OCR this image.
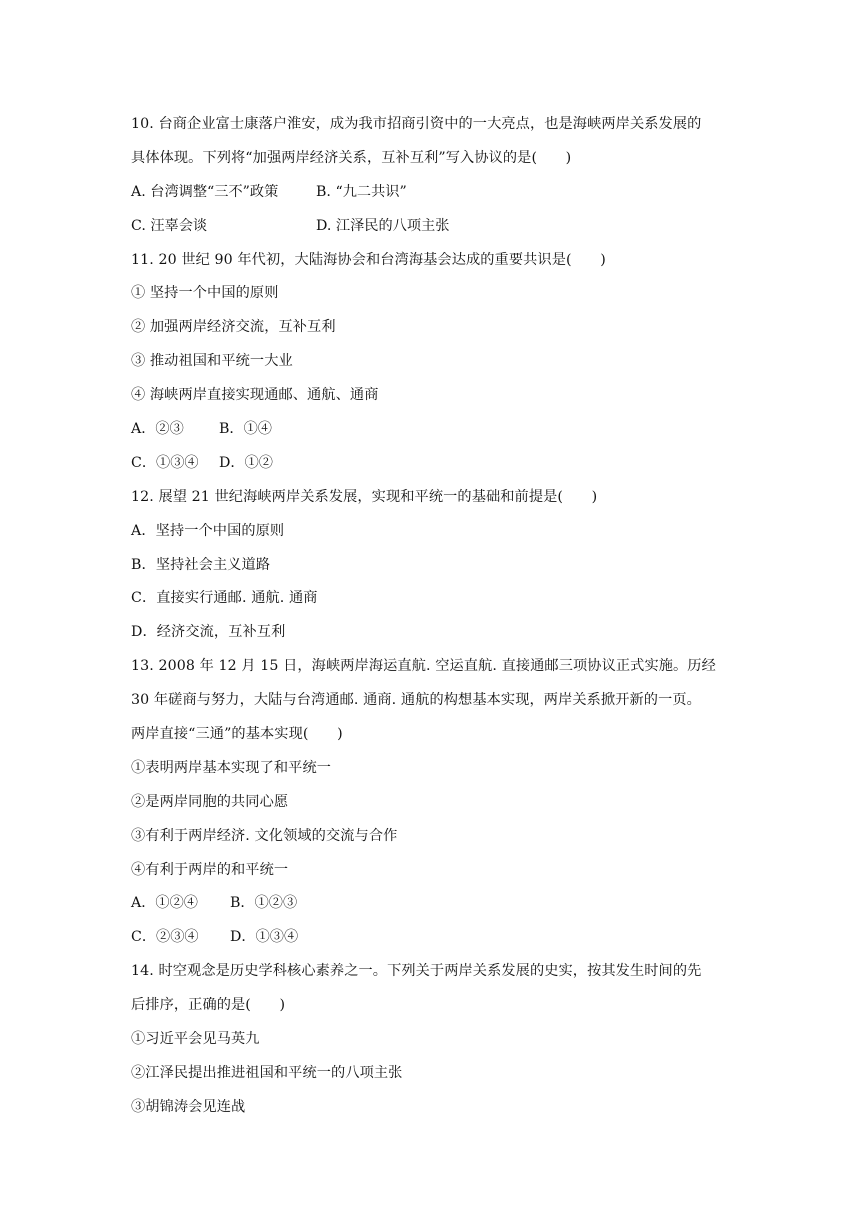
10. 台商企业富士康落户淮安，成为我市招商引资中的一大亮点，也是海峡两岸关系发展的
具体体现。下列将“加强两岸经济关系，互补互利”写入协议的是(　　)
A. 台湾调整“三不”政策	B. “九二共识”
C. 汪辜会谈	D. 江泽民的八项主张
11. 20 世纪 90 年代初，大陆海协会和台湾海基会达成的重要共识是(　　)
① 坚持一个中国的原则
② 加强两岸经济交流，互补互利
③ 推动祖国和平统一大业
④ 海峡两岸直接实现通邮、通航、通商
A．②③ B．①④
C．①③④ D．①②
12. 展望 21 世纪海峡两岸关系发展，实现和平统一的基础和前提是(　　)
A．坚持一个中国的原则
B．坚持社会主义道路
C．直接实行通邮. 通航. 通商
D．经济交流，互补互利
13. 2008 年 12 月 15 日，海峡两岸海运直航. 空运直航. 直接通邮三项协议正式实施。历经
30 年磋商与努力，大陆与台湾通邮. 通商. 通航的构想基本实现，两岸关系掀开新的一页。
两岸直接“三通”的基本实现(　　)
①表明两岸基本实现了和平统一
②是两岸同胞的共同心愿
③有利于两岸经济. 文化领域的交流与合作
④有利于两岸的和平统一
A．①②④ B．①②③
C．②③④ D．①③④
14. 时空观念是历史学科核心素养之一。下列关于两岸关系发展的史实，按其发生时间的先
后排序，正确的是(　　)
①习近平会见马英九
②江泽民提出推进祖国和平统一的八项主张
③胡锦涛会见连战
